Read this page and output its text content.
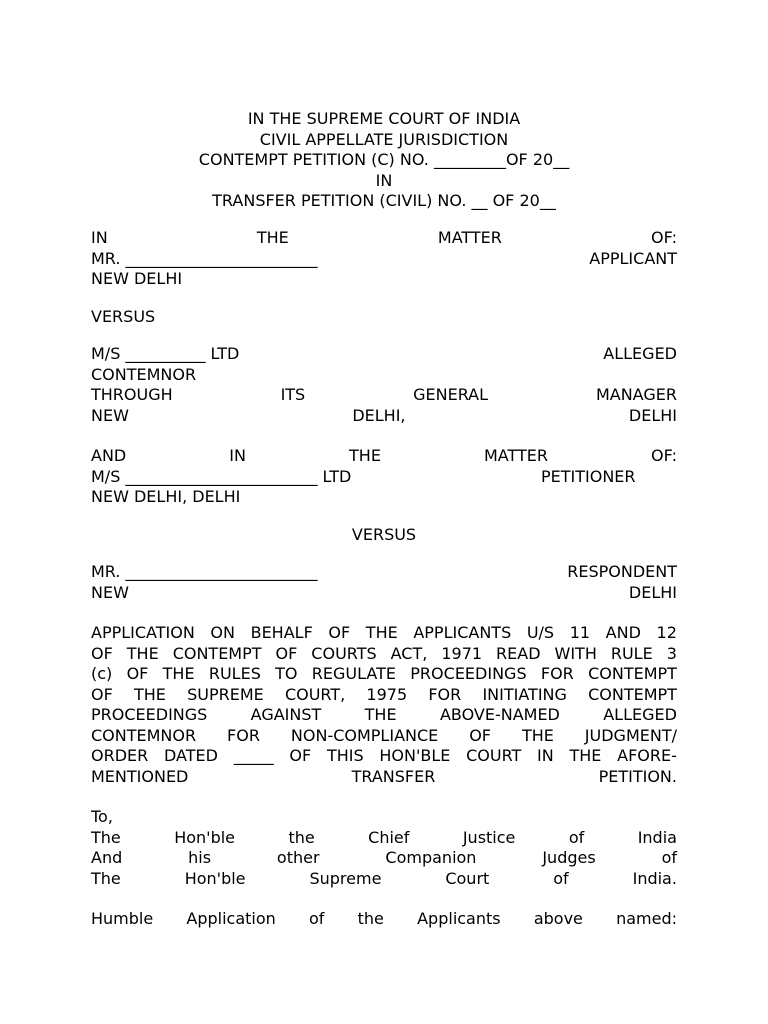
IN THE SUPREME COURT OF INDIA
CIVIL APPELLATE JURISDICTION
CONTEMPT PETITION (C) NO. _________OF 20__
IN
TRANSFER PETITION (CIVIL) NO. __ OF 20__
IN	THE	MATTER	OF:
MR. ________________________	APPLICANT
NEW DELHI
VERSUS
M/S __________ LTD	ALLEGED
CONTEMNOR
THROUGH	ITS	GENERAL	MANAGER
NEW	DELHI,	DELHI
AND	IN	THE	MATTER	OF:
M/S ________________________ LTD	PETITIONER
NEW DELHI, DELHI
VERSUS
MR. ________________________	RESPONDENT
NEW	DELHI
APPLICATION ON BEHALF OF THE APPLICANTS U/S 11 AND 12
OF THE CONTEMPT OF COURTS ACT, 1971 READ WITH RULE 3
(c) OF THE RULES TO REGULATE PROCEEDINGS FOR CONTEMPT
OF THE SUPREME COURT, 1975 FOR INITIATING CONTEMPT
PROCEEDINGS	AGAINST	THE	ABOVE-NAMED	ALLEGED
CONTEMNOR FOR NON-COMPLIANCE OF THE JUDGMENT/
ORDER DATED _____ OF THIS HON'BLE COURT IN THE AFORE-
MENTIONED	TRANSFER	PETITION.
To,
The	Hon'ble	the	Chief	Justice	of	India
And	his	other	Companion	Judges	of
The	Hon'ble	Supreme	Court	of	India.
Humble Application of the Applicants above named:
